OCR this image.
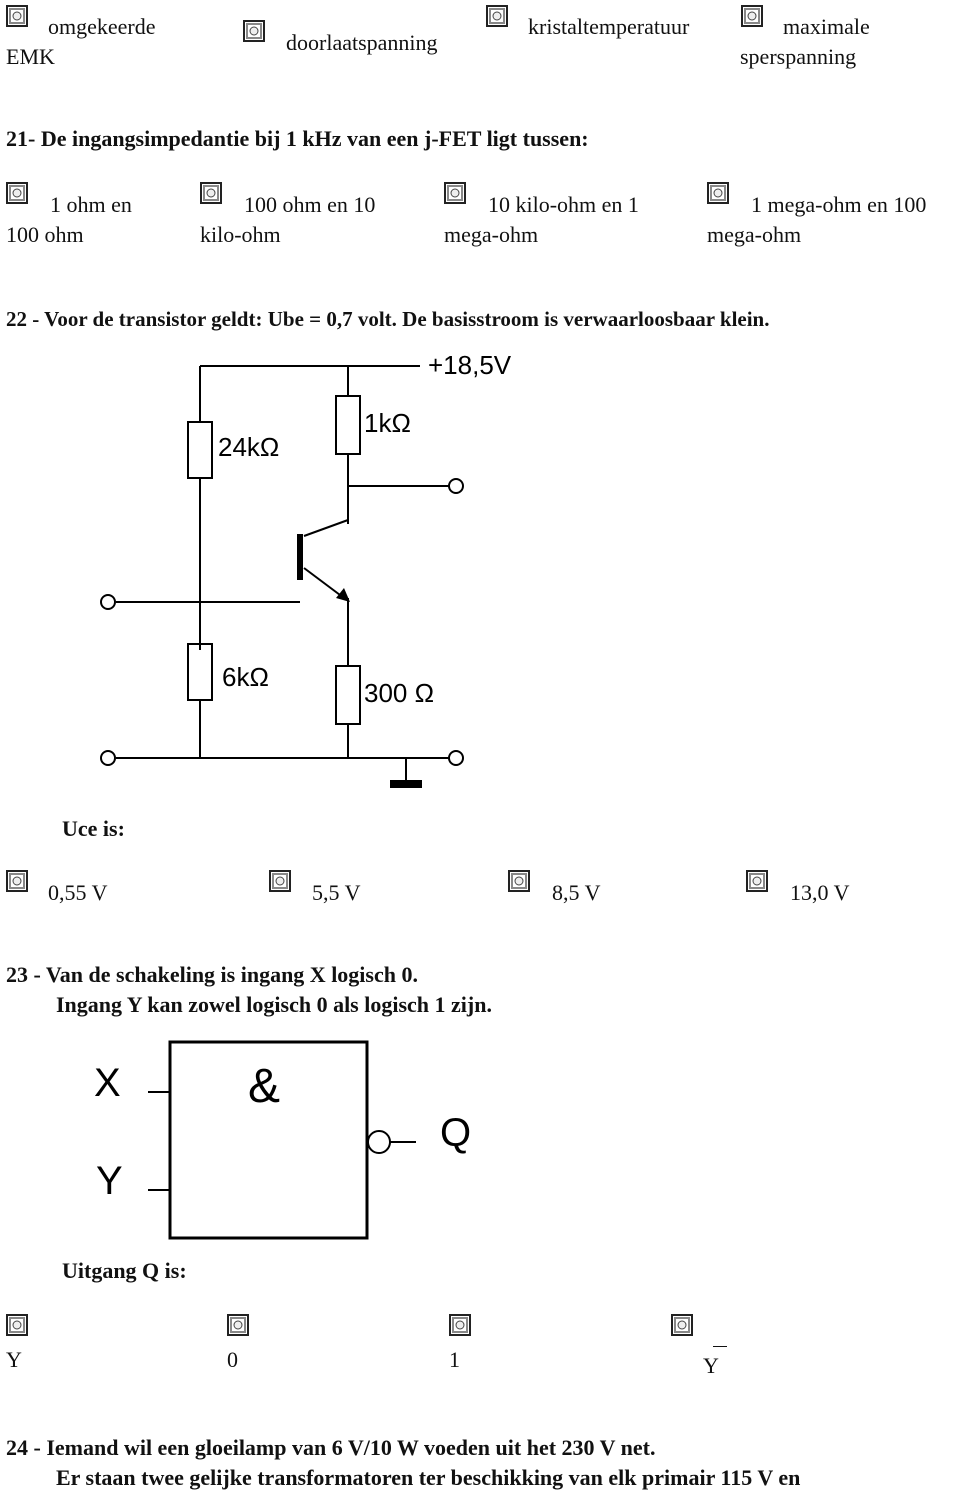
omgekeerde
EMK
doorlaatspanning
kristaltemperatuur	maximale
sperspanning
21- De ingangsimpedantie bij 1 kHz van een j-FET ligt tussen:
1 ohm en
100 ohm
100 ohm en 10
kilo-ohm
10 kilo-ohm en 1
mega-ohm
1 mega-ohm en 100
mega-ohm
22 - Voor de transistor geldt: Ube = 0,7 volt. De basisstroom is verwaarloosbaar klein.
+18,5V
24kΩ
1kΩ
6kΩ
300 Ω
Uce is:
0,55 V	5,5 V	8,5 V	13,0 V
23 - Van de schakeling is ingang X logisch 0.
Ingang Y kan zowel logisch 0 als logisch 1 zijn.
&
X
Y
Q
Uitgang Q is:
Y	0	1	Y
24 - Iemand wil een gloeilamp van 6 V/10 W voeden uit het 230 V net.
Er staan twee gelijke transformatoren ter beschikking van elk primair 115 V en
